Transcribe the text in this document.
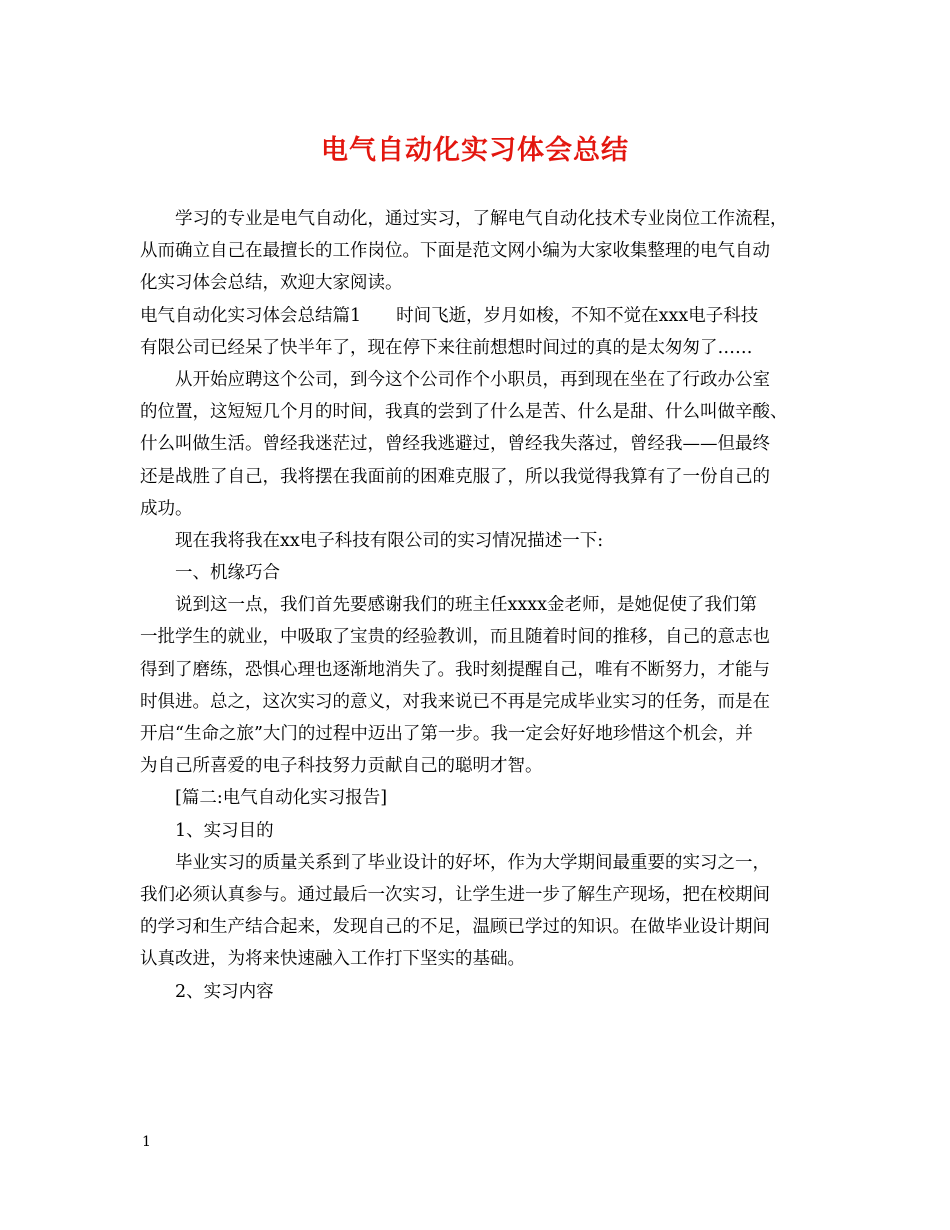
电气自动化实习体会总结
学习的专业是电气自动化，通过实习，了解电气自动化技术专业岗位工作流程，
从而确立自己在最擅长的工作岗位。下面是范文网小编为大家收集整理的电气自动
化实习体会总结，欢迎大家阅读。
电气自动化实习体会总结篇1　　时间飞逝，岁月如梭，不知不觉在xxx电子科技
有限公司已经呆了快半年了，现在停下来往前想想时间过的真的是太匆匆了……
从开始应聘这个公司，到今这个公司作个小职员，再到现在坐在了行政办公室
的位置，这短短几个月的时间，我真的尝到了什么是苦、什么是甜、什么叫做辛酸、
什么叫做生活。曾经我迷茫过，曾经我逃避过，曾经我失落过，曾经我——但最终
还是战胜了自己，我将摆在我面前的困难克服了，所以我觉得我算有了一份自己的
成功。
现在我将我在xx电子科技有限公司的实习情况描述一下:
一、机缘巧合
说到这一点，我们首先要感谢我们的班主任xxxx金老师，是她促使了我们第
一批学生的就业，中吸取了宝贵的经验教训，而且随着时间的推移，自己的意志也
得到了磨练，恐惧心理也逐渐地消失了。我时刻提醒自己，唯有不断努力，才能与
时俱进。总之，这次实习的意义，对我来说已不再是完成毕业实习的任务，而是在
开启“生命之旅”大门的过程中迈出了第一步。我一定会好好地珍惜这个机会，并
为自己所喜爱的电子科技努力贡献自己的聪明才智。
[篇二:电气自动化实习报告]
1、实习目的
毕业实习的质量关系到了毕业设计的好坏，作为大学期间最重要的实习之一，
我们必须认真参与。通过最后一次实习，让学生进一步了解生产现场，把在校期间
的学习和生产结合起来，发现自己的不足，温顾已学过的知识。在做毕业设计期间
认真改进，为将来快速融入工作打下坚实的基础。
2、实习内容
1
